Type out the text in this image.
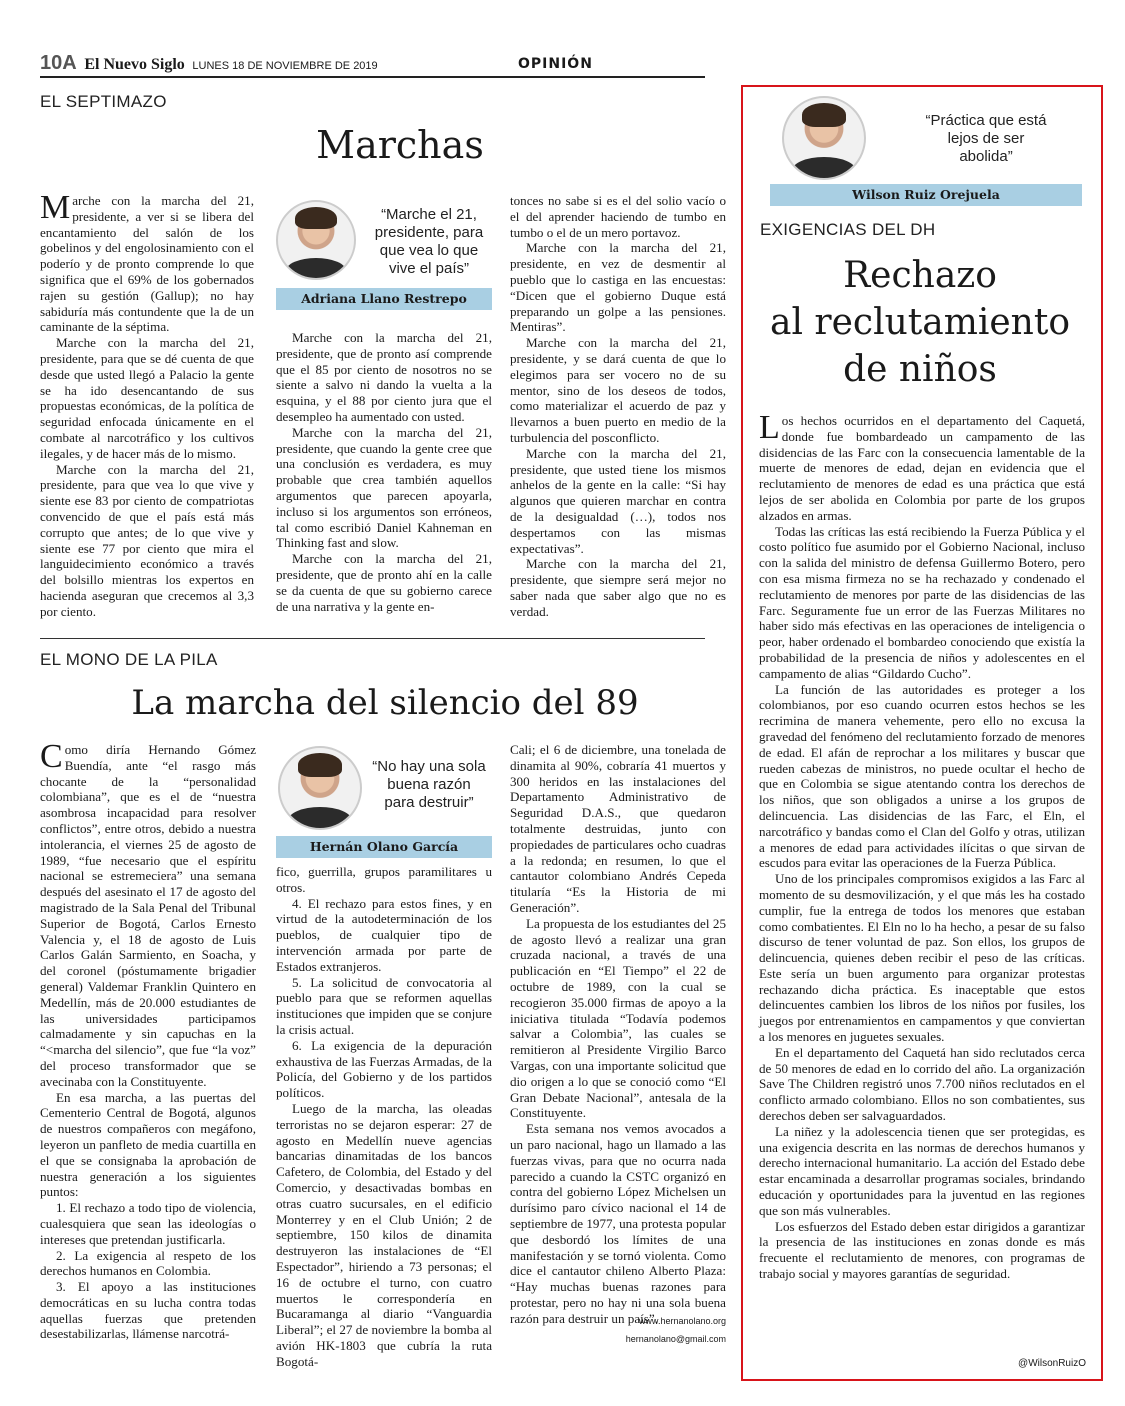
10A El Nuevo Siglo LUNES 18 DE NOVIEMBRE DE 2019	OPINIÓN
EL SEPTIMAZO
Marchas

Marche con la marcha del 21, presidente, a ver si se libera del encantamiento del salón de los gobelinos y del engolosinamiento con el poderío y de pronto comprende lo que significa que el 69% de los gobernados rajen su gestión (Gallup); no hay sabiduría más contundente que la de un caminante de la séptima.

Marche con la marcha del 21, presidente, para que se dé cuenta de que desde que usted llegó a Palacio la gente se ha ido desencantando de sus propuestas económicas, de la política de seguridad enfocada únicamente en el combate al narcotráfico y los cultivos ilegales, y de hacer más de lo mismo.

Marche con la marcha del 21, presidente, para que vea lo que vive y siente ese 83 por ciento de compatriotas convencido de que el país está más corrupto que antes; de lo que vive y siente ese 77 por ciento que mira el languidecimiento económico a través del bolsillo mientras los expertos en hacienda aseguran que crecemos al 3,3 por ciento.

“Marche el 21, presidente, para que vea lo que vive el país”
Adriana Llano Restrepo

Marche con la marcha del 21, presidente, que de pronto así comprende que el 85 por ciento de nosotros no se siente a salvo ni dando la vuelta a la esquina, y el 88 por ciento jura que el desempleo ha aumentado con usted.

Marche con la marcha del 21, presidente, que cuando la gente cree que una conclusión es verdadera, es muy probable que crea también aquellos argumentos que parecen apoyarla, incluso si los argumentos son erróneos, tal como escribió Daniel Kahneman en Thinking fast and slow.

Marche con la marcha del 21, presidente, que de pronto ahí en la calle se da cuenta de que su gobierno carece de una narrativa y la gente en-

tonces no sabe si es el del solio vacío o el del aprender haciendo de tumbo en tumbo o el de un mero portavoz.

Marche con la marcha del 21, presidente, en vez de desmentir al pueblo que lo castiga en las encuestas: “Dicen que el gobierno Duque está preparando un golpe a las pensiones. Mentiras”.

Marche con la marcha del 21, presidente, y se dará cuenta de que lo elegimos para ser vocero no de su mentor, sino de los deseos de todos, como materializar el acuerdo de paz y llevarnos a buen puerto en medio de la turbulencia del posconflicto.

Marche con la marcha del 21, presidente, que usted tiene los mismos anhelos de la gente en la calle: “Si hay algunos que quieren marchar en contra de la desigualdad (…), todos nos despertamos con las mismas expectativas”.

Marche con la marcha del 21, presidente, que siempre será mejor no saber nada que saber algo que no es verdad.

EL MONO DE LA PILA
La marcha del silencio del 89

Como diría Hernando Gómez Buendía, ante “el rasgo más chocante de la “personalidad colombiana”, que es el de “nuestra asombrosa incapacidad para resolver conflictos”, entre otros, debido a nuestra intolerancia, el viernes 25 de agosto de 1989, “fue necesario que el espíritu nacional se estremeciera” una semana después del asesinato el 17 de agosto del magistrado de la Sala Penal del Tribunal Superior de Bogotá, Carlos Ernesto Valencia y, el 18 de agosto de Luis Carlos Galán Sarmiento, en Soacha, y del coronel (póstumamente brigadier general) Valdemar Franklin Quintero en Medellín, más de 20.000 estudiantes de las universidades participamos calmadamente y sin capuchas en la “<marcha del silencio”, que fue “la voz” del proceso transformador que se avecinaba con la Constituyente.

En esa marcha, a las puertas del Cementerio Central de Bogotá, algunos de nuestros compañeros con megáfono, leyeron un panfleto de media cuartilla en el que se consignaba la aprobación de nuestra generación a los siguientes puntos:

1. El rechazo a todo tipo de violencia, cualesquiera que sean las ideologías o intereses que pretendan justificarla.

2. La exigencia al respeto de los derechos humanos en Colombia.

3. El apoyo a las instituciones democráticas en su lucha contra todas aquellas fuerzas que pretenden desestabilizarlas, llámense narcotrá-

“No hay una sola buena razón para destruir”
Hernán Olano García

fico, guerrilla, grupos paramilitares u otros.

4. El rechazo para estos fines, y en virtud de la autodeterminación de los pueblos, de cualquier tipo de intervención armada por parte de Estados extranjeros.

5. La solicitud de convocatoria al pueblo para que se reformen aquellas instituciones que impiden que se conjure la crisis actual.

6. La exigencia de la depuración exhaustiva de las Fuerzas Armadas, de la Policía, del Gobierno y de los partidos políticos.

Luego de la marcha, las oleadas terroristas no se dejaron esperar: 27 de agosto en Medellín nueve agencias bancarias dinamitadas de los bancos Cafetero, de Colombia, del Estado y del Comercio, y desactivadas bombas en otras cuatro sucursales, en el edificio Monterrey y en el Club Unión; 2 de septiembre, 150 kilos de dinamita destruyeron las instalaciones de “El Espectador”, hiriendo a 73 personas; el 16 de octubre el turno, con cuatro muertos le correspondería en Bucaramanga al diario “Vanguardia Liberal”; el 27 de noviembre la bomba al avión HK-1803 que cubría la ruta Bogotá-

Cali; el 6 de diciembre, una tonelada de dinamita al 90%, cobraría 41 muertos y 300 heridos en las instalaciones del Departamento Administrativo de Seguridad D.A.S., que quedaron totalmente destruidas, junto con propiedades de particulares ocho cuadras a la redonda; en resumen, lo que el cantautor colombiano Andrés Cepeda titularía “Es la Historia de mi Generación”.

La propuesta de los estudiantes del 25 de agosto llevó a realizar una gran cruzada nacional, a través de una publicación en “El Tiempo” el 22 de octubre de 1989, con la cual se recogieron 35.000 firmas de apoyo a la iniciativa titulada “Todavía podemos salvar a Colombia”, las cuales se remitieron al Presidente Virgilio Barco Vargas, con una importante solicitud que dio origen a lo que se conoció como “El Gran Debate Nacional”, antesala de la Constituyente.

Esta semana nos vemos avocados a un paro nacional, hago un llamado a las fuerzas vivas, para que no ocurra nada parecido a cuando la CSTC organizó en contra del gobierno López Michelsen un durísimo paro cívico nacional el 14 de septiembre de 1977, una protesta popular que desbordó los límites de una manifestación y se tornó violenta. Como dice el cantautor chileno Alberto Plaza: “Hay muchas buenas razones para protestar, pero no hay ni una sola buena razón para destruir un país”.

www.hernanolano.org
hernanolano@gmail.com
“Práctica que está lejos de ser abolida”
Wilson Ruiz Orejuela
EXIGENCIAS DEL DH
Rechazo
al reclutamiento
de niños

Los hechos ocurridos en el departamento del Caquetá, donde fue bombardeado un campamento de las disidencias de las Farc con la consecuencia lamentable de la muerte de menores de edad, dejan en evidencia que el reclutamiento de menores de edad es una práctica que está lejos de ser abolida en Colombia por parte de los grupos alzados en armas.

Todas las críticas las está recibiendo la Fuerza Pública y el costo político fue asumido por el Gobierno Nacional, incluso con la salida del ministro de defensa Guillermo Botero, pero con esa misma firmeza no se ha rechazado y condenado el reclutamiento de menores por parte de las disidencias de las Farc. Seguramente fue un error de las Fuerzas Militares no haber sido más efectivas en las operaciones de inteligencia o peor, haber ordenado el bombardeo conociendo que existía la probabilidad de la presencia de niños y adolescentes en el campamento de alias “Gildardo Cucho”.

La función de las autoridades es proteger a los colombianos, por eso cuando ocurren estos hechos se les recrimina de manera vehemente, pero ello no excusa la gravedad del fenómeno del reclutamiento forzado de menores de edad. El afán de reprochar a los militares y buscar que rueden cabezas de ministros, no puede ocultar el hecho de que en Colombia se sigue atentando contra los derechos de los niños, que son obligados a unirse a los grupos de delincuencia. Las disidencias de las Farc, el Eln, el narcotráfico y bandas como el Clan del Golfo y otras, utilizan a menores de edad para actividades ilícitas o que sirvan de escudos para evitar las operaciones de la Fuerza Pública.

Uno de los principales compromisos exigidos a las Farc al momento de su desmovilización, y el que más les ha costado cumplir, fue la entrega de todos los menores que estaban como combatientes. El Eln no lo ha hecho, a pesar de su falso discurso de tener voluntad de paz. Son ellos, los grupos de delincuencia, quienes deben recibir el peso de las críticas. Este sería un buen argumento para organizar protestas rechazando dicha práctica. Es inaceptable que estos delincuentes cambien los libros de los niños por fusiles, los juegos por entrenamientos en campamentos y que conviertan a los menores en juguetes sexuales.

En el departamento del Caquetá han sido reclutados cerca de 50 menores de edad en lo corrido del año. La organización Save The Children registró unos 7.700 niños reclutados en el conflicto armado colombiano. Ellos no son combatientes, sus derechos deben ser salvaguardados.

La niñez y la adolescencia tienen que ser protegidas, es una exigencia descrita en las normas de derechos humanos y derecho internacional humanitario. La acción del Estado debe estar encaminada a desarrollar programas sociales, brindando educación y oportunidades para la juventud en las regiones que son más vulnerables.

Los esfuerzos del Estado deben estar dirigidos a garantizar la presencia de las instituciones en zonas donde es más frecuente el reclutamiento de menores, con programas de trabajo social y mayores garantías de seguridad.

@WilsonRuizO
